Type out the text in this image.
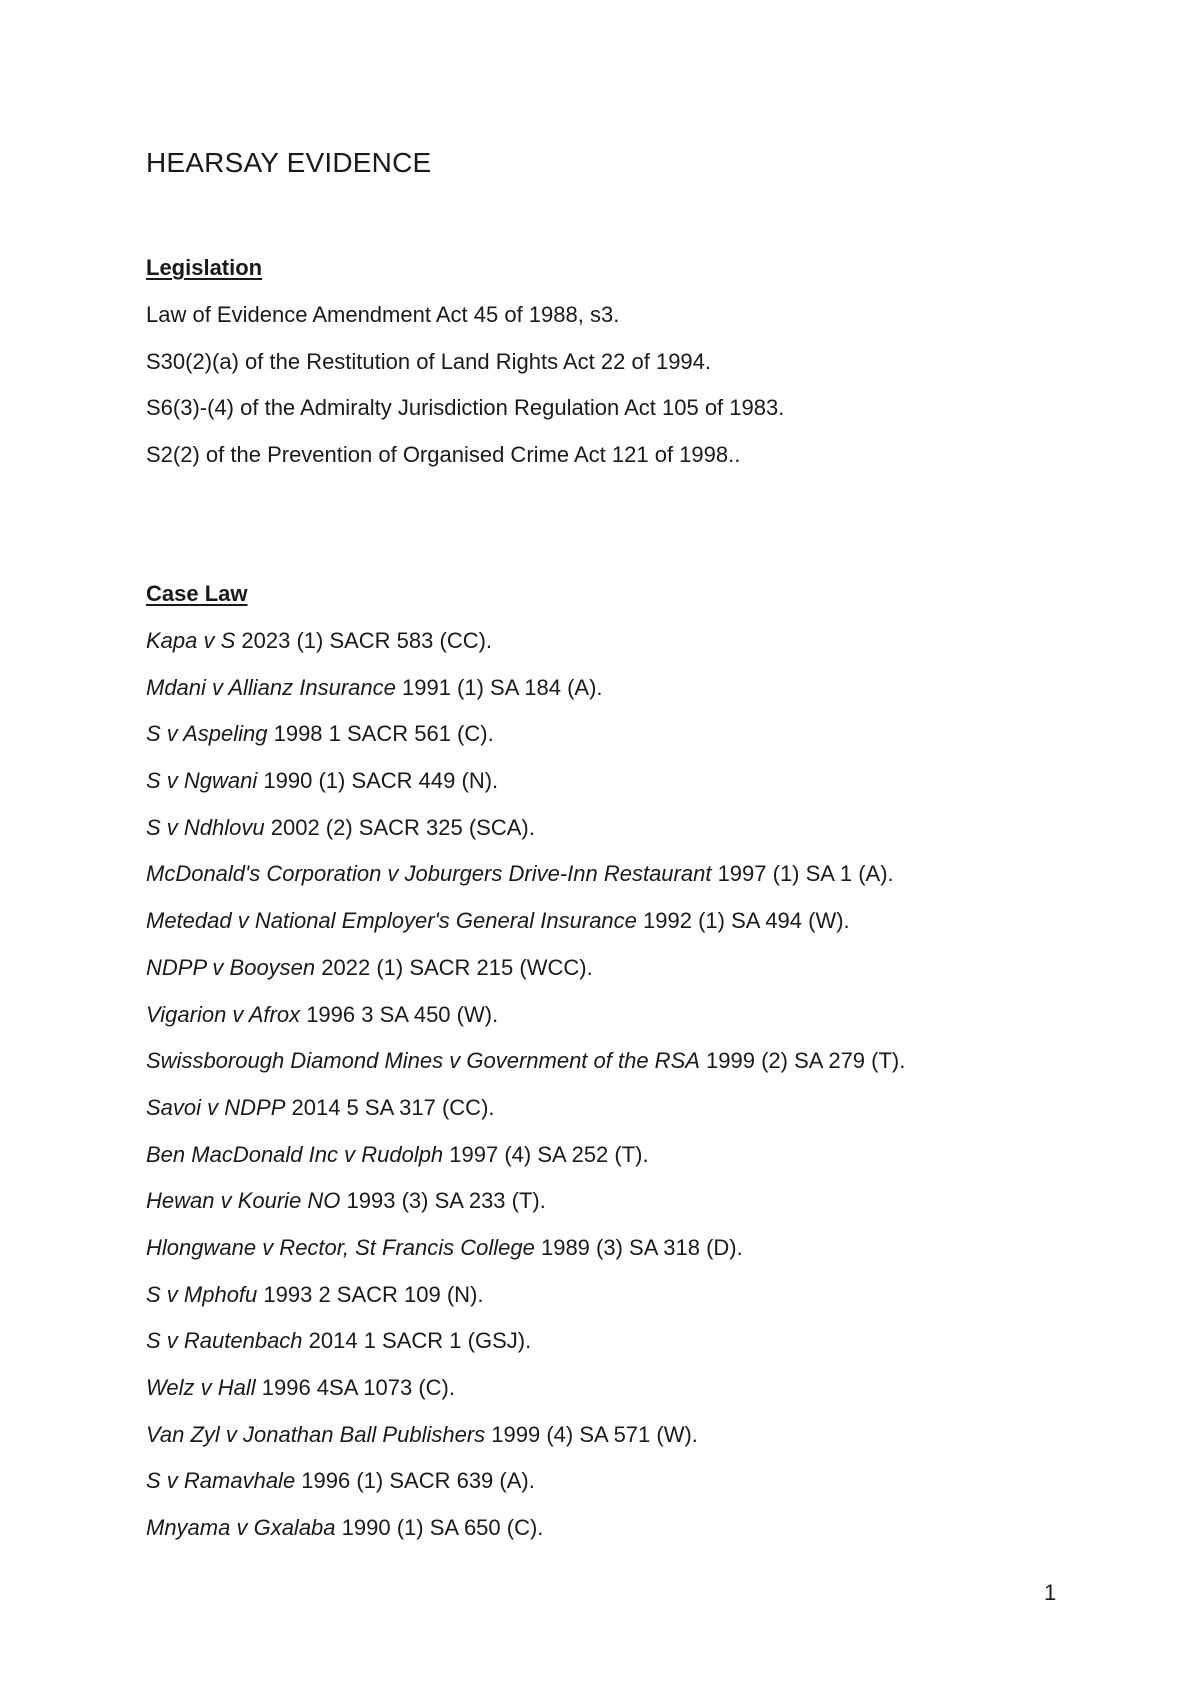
HEARSAY EVIDENCE
Legislation
Law of Evidence Amendment Act 45 of 1988, s3.
S30(2)(a) of the Restitution of Land Rights Act 22 of 1994.
S6(3)-(4) of the Admiralty Jurisdiction Regulation Act 105 of 1983.
S2(2) of the Prevention of Organised Crime Act 121 of 1998..
Case Law
Kapa v S 2023 (1) SACR 583 (CC).
Mdani v Allianz Insurance 1991 (1) SA 184 (A).
S v Aspeling 1998 1 SACR 561 (C).
S v Ngwani 1990 (1) SACR 449 (N).
S v Ndhlovu 2002 (2) SACR 325 (SCA).
McDonald's Corporation v Joburgers Drive-Inn Restaurant 1997 (1) SA 1 (A).
Metedad v National Employer's General Insurance 1992 (1) SA 494 (W).
NDPP v Booysen 2022 (1) SACR 215 (WCC).
Vigarion v Afrox 1996 3 SA 450 (W).
Swissborough Diamond Mines v Government of the RSA 1999 (2) SA 279 (T).
Savoi v NDPP 2014 5 SA 317 (CC).
Ben MacDonald Inc v Rudolph 1997 (4) SA 252 (T).
Hewan v Kourie NO 1993 (3) SA 233 (T).
Hlongwane v Rector, St Francis College 1989 (3) SA 318 (D).
S v Mphofu 1993 2 SACR 109 (N).
S v Rautenbach 2014 1 SACR 1 (GSJ).
Welz v Hall 1996 4SA 1073 (C).
Van Zyl v Jonathan Ball Publishers 1999 (4) SA 571 (W).
S v Ramavhale 1996 (1) SACR 639 (A).
Mnyama v Gxalaba 1990 (1) SA 650 (C).
1
